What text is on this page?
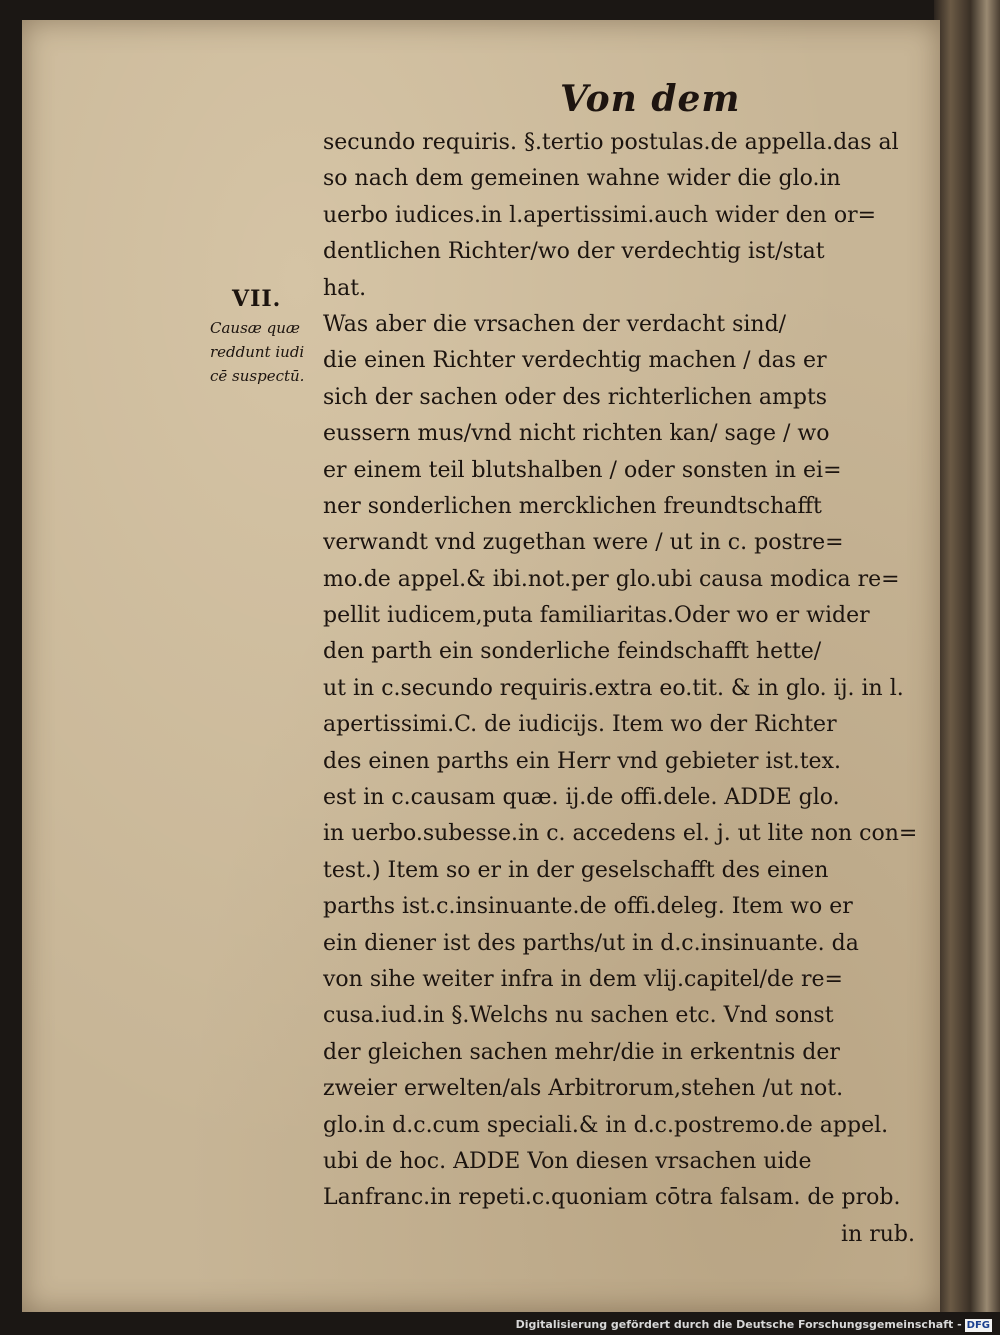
Von dem
VII.
Causæ quæ
reddunt iudi
cē suspectū.
secundo requiris. §.tertio postulas.de appella.das al
so nach dem gemeinen wahne wider die glo.in
uerbo iudices.in l.apertissimi.auch wider den or=
dentlichen Richter/wo der verdechtig ist/stat
hat.
Was aber die vrsachen der verdacht sind/
die einen Richter verdechtig machen / das er
sich der sachen oder des richterlichen ampts
eussern mus/vnd nicht richten kan/ sage / wo
er einem teil blutshalben / oder sonsten in ei=
ner sonderlichen mercklichen freundtschafft
verwandt vnd zugethan were / ut in c. postre=
mo.de appel.& ibi.not.per glo.ubi causa modica re=
pellit iudicem,puta familiaritas.Oder wo er wider
den parth ein sonderliche feindschafft hette/
ut in c.secundo requiris.extra eo.tit. & in glo. ij. in l.
apertissimi.C. de iudicijs. Item wo der Richter
des einen parths ein Herr vnd gebieter ist.tex.
est in c.causam quæ. ij.de offi.dele. ADDE glo.
in uerbo.subesse.in c. accedens el. j. ut lite non con=
test.) Item so er in der geselschafft des einen
parths ist.c.insinuante.de offi.deleg. Item wo er
ein diener ist des parths/ut in d.c.insinuante. da
von sihe weiter infra in dem vlij.capitel/de re=
cusa.iud.in §.Welchs nu sachen etc. Vnd sonst
der gleichen sachen mehr/die in erkentnis der
zweier erwelten/als Arbitrorum,stehen /ut not.
glo.in d.c.cum speciali.& in d.c.postremo.de appel.
ubi de hoc. ADDE Von diesen vrsachen uide
Lanfranc.in repeti.c.quoniam cōtra falsam. de prob.
in rub.
Digitalisierung gefördert durch die Deutsche Forschungsgemeinschaft - DFG
